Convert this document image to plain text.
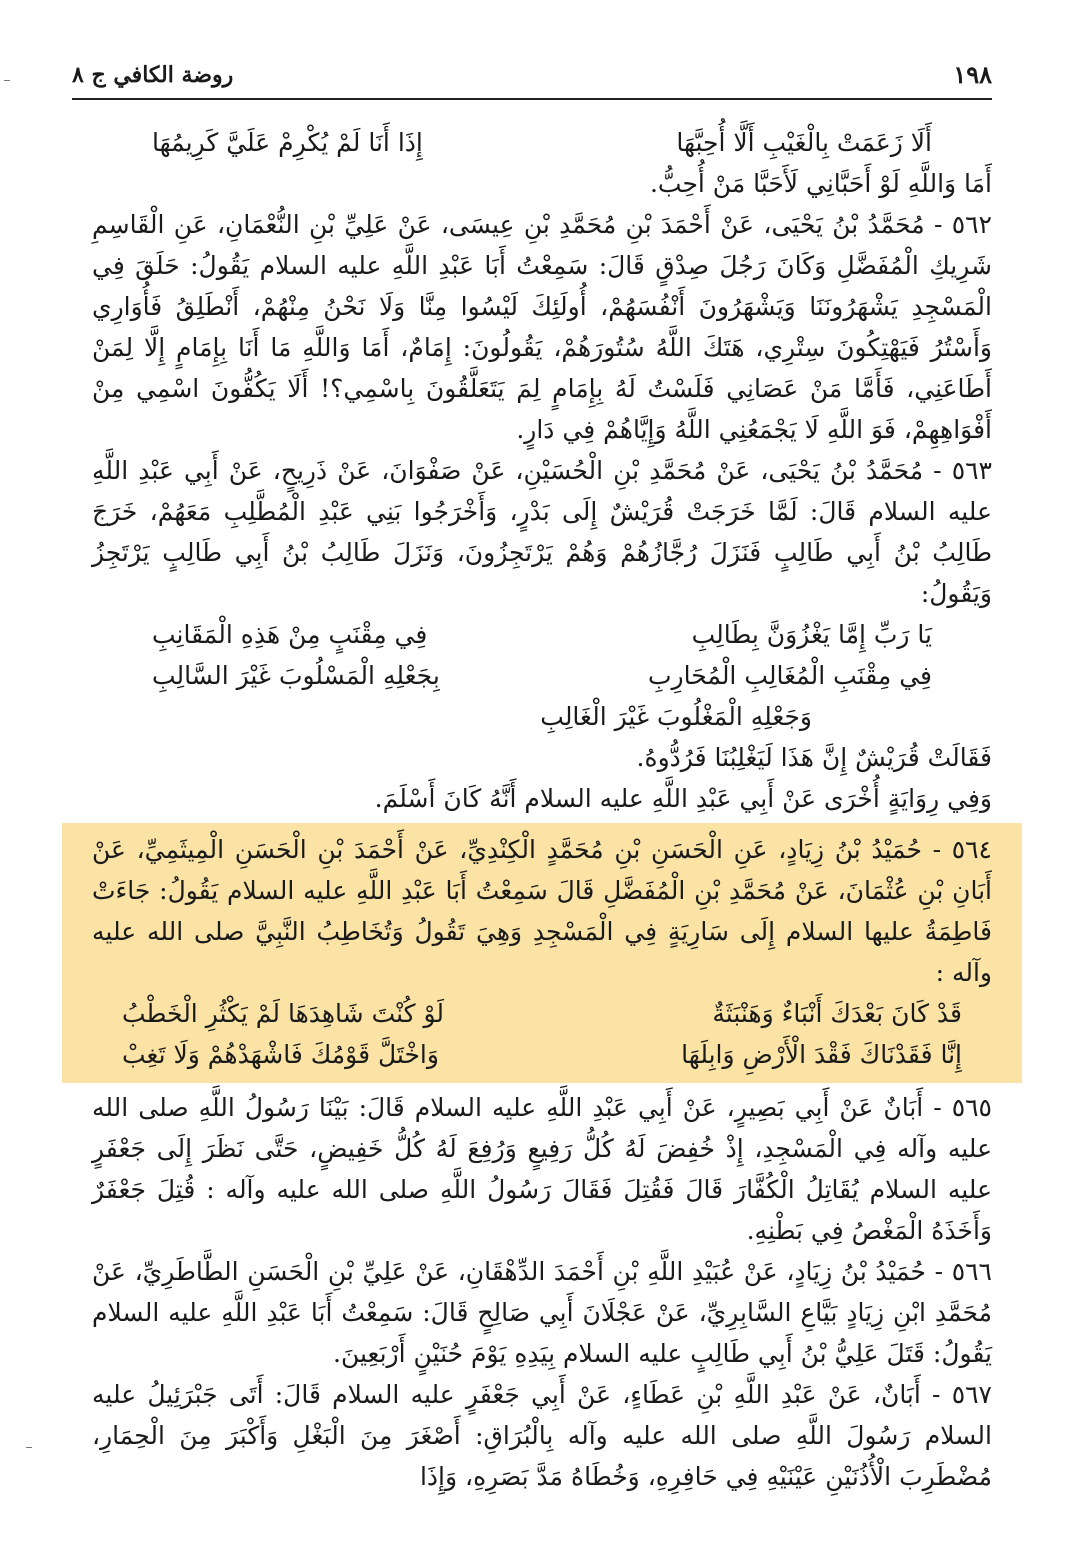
١٩٨
روضة الكافي ج ٨
أَلَا زَعَمَتْ بِالْغَيْبِ أَلَّا أُحِبَّهَا
إِذَا أَنَا لَمْ يُكْرِمْ عَلَيَّ كَرِيمُهَا
أَمَا وَاللَّهِ لَوْ أَحَبَّانِي لَأَحَبَّا مَنْ أُحِبُّ.

٥٦٢ - مُحَمَّدُ بْنُ يَحْيَى، عَنْ أَحْمَدَ بْنِ مُحَمَّدِ بْنِ عِيسَى، عَنْ عَلِيِّ بْنِ النُّعْمَانِ، عَنِ الْقَاسِمِ شَرِيكِ الْمُفَضَّلِ وَكَانَ رَجُلَ صِدْقٍ قَالَ: سَمِعْتُ أَبَا عَبْدِ اللَّهِ عليه السلام يَقُولُ: حَلَقَ فِي الْمَسْجِدِ يَشْهَرُونَنَا وَيَشْهَرُونَ أَنْفُسَهُمْ، أُولَئِكَ لَيْسُوا مِنَّا وَلَا نَحْنُ مِنْهُمْ، أَنْطَلِقُ فَأُوَارِي وَأَسْتُرُ فَيَهْتِكُونَ سِتْرِي، هَتَكَ اللَّهُ سُتُورَهُمْ، يَقُولُونَ: إِمَامٌ، أَمَا وَاللَّهِ مَا أَنَا بِإِمَامٍ إِلَّا لِمَنْ أَطَاعَنِي، فَأَمَّا مَنْ عَصَانِي فَلَسْتُ لَهُ بِإِمَامٍ لِمَ يَتَعَلَّقُونَ بِاسْمِي؟! أَلَا يَكُفُّونَ اسْمِي مِنْ أَفْوَاهِهِمْ، فَوَ اللَّهِ لَا يَجْمَعُنِي اللَّهُ وَإِيَّاهُمْ فِي دَارٍ.

٥٦٣ - مُحَمَّدُ بْنُ يَحْيَى، عَنْ مُحَمَّدِ بْنِ الْحُسَيْنِ، عَنْ صَفْوَانَ، عَنْ ذَرِيحٍ، عَنْ أَبِي عَبْدِ اللَّهِ عليه السلام قَالَ: لَمَّا خَرَجَتْ قُرَيْشٌ إِلَى بَدْرٍ، وَأَخْرَجُوا بَنِي عَبْدِ الْمُطَّلِبِ مَعَهُمْ، خَرَجَ طَالِبُ بْنُ أَبِي طَالِبٍ فَنَزَلَ رُجَّازُهُمْ وَهُمْ يَرْتَجِزُونَ، وَنَزَلَ طَالِبُ بْنُ أَبِي طَالِبٍ يَرْتَجِزُ وَيَقُولُ:

يَا رَبِّ إِمَّا يَغْزُوَنَّ بِطَالِبِ
فِي مِقْنَبٍ مِنْ هَذِهِ الْمَقَانِبِ
فِي مِقْنَبِ الْمُغَالِبِ الْمُحَارِبِ
بِجَعْلِهِ الْمَسْلُوبَ غَيْرَ السَّالِبِ
وَجَعْلِهِ الْمَغْلُوبَ غَيْرَ الْغَالِبِ
فَقَالَتْ قُرَيْشٌ إِنَّ هَذَا لَيَغْلِبُنَا فَرُدُّوهُ.
وَفِي رِوَايَةٍ أُخْرَى عَنْ أَبِي عَبْدِ اللَّهِ عليه السلام أَنَّهُ كَانَ أَسْلَمَ.

٥٦٤ - حُمَيْدُ بْنُ زِيَادٍ، عَنِ الْحَسَنِ بْنِ مُحَمَّدٍ الْكِنْدِيِّ، عَنْ أَحْمَدَ بْنِ الْحَسَنِ الْمِيثَمِيِّ، عَنْ أَبَانِ بْنِ عُثْمَانَ، عَنْ مُحَمَّدِ بْنِ الْمُفَضَّلِ قَالَ سَمِعْتُ أَبَا عَبْدِ اللَّهِ عليه السلام يَقُولُ: جَاءَتْ فَاطِمَةُ عليها السلام إِلَى سَارِيَةٍ فِي الْمَسْجِدِ وَهِيَ تَقُولُ وَتُخَاطِبُ النَّبِيَّ صلى الله عليه وآله :

قَدْ كَانَ بَعْدَكَ أَنْبَاءٌ وَهَنْبَثَةٌ
لَوْ كُنْتَ شَاهِدَهَا لَمْ يَكْثُرِ الْخَطْبُ
إِنَّا فَقَدْنَاكَ فَقْدَ الْأَرْضِ وَابِلَهَا
وَاخْتَلَّ قَوْمُكَ فَاشْهَدْهُمْ وَلَا تَغِبْ

٥٦٥ - أَبَانٌ عَنْ أَبِي بَصِيرٍ، عَنْ أَبِي عَبْدِ اللَّهِ عليه السلام قَالَ: بَيْنَا رَسُولُ اللَّهِ صلى الله عليه وآله فِي الْمَسْجِدِ، إِذْ خُفِضَ لَهُ كُلُّ رَفِيعٍ وَرُفِعَ لَهُ كُلُّ خَفِيضٍ، حَتَّى نَظَرَ إِلَى جَعْفَرٍ عليه السلام يُقَاتِلُ الْكُفَّارَ قَالَ فَقُتِلَ فَقَالَ رَسُولُ اللَّهِ صلى الله عليه وآله : قُتِلَ جَعْفَرٌ وَأَخَذَهُ الْمَغْصُ فِي بَطْنِهِ.

٥٦٦ - حُمَيْدُ بْنُ زِيَادٍ، عَنْ عُبَيْدِ اللَّهِ بْنِ أَحْمَدَ الدِّهْقَانِ، عَنْ عَلِيِّ بْنِ الْحَسَنِ الطَّاطَرِيِّ، عَنْ مُحَمَّدِ ابْنِ زِيَادٍ بَيَّاعِ السَّابِرِيِّ، عَنْ عَجْلَانَ أَبِي صَالِحٍ قَالَ: سَمِعْتُ أَبَا عَبْدِ اللَّهِ عليه السلام يَقُولُ: قَتَلَ عَلِيُّ بْنُ أَبِي طَالِبٍ عليه السلام بِيَدِهِ يَوْمَ حُنَيْنٍ أَرْبَعِينَ.

٥٦٧ - أَبَانٌ، عَنْ عَبْدِ اللَّهِ بْنِ عَطَاءٍ، عَنْ أَبِي جَعْفَرٍ عليه السلام قَالَ: أَتَى جَبْرَئِيلُ عليه السلام رَسُولَ اللَّهِ صلى الله عليه وآله بِالْبُرَاقِ: أَصْغَرَ مِنَ الْبَغْلِ وَأَكْبَرَ مِنَ الْحِمَارِ، مُضْطَرِبَ الْأُذُنَيْنِ عَيْنَيْهِ فِي حَافِرِهِ، وَخُطَاهُ مَدَّ بَصَرِهِ، وَإِذَا
